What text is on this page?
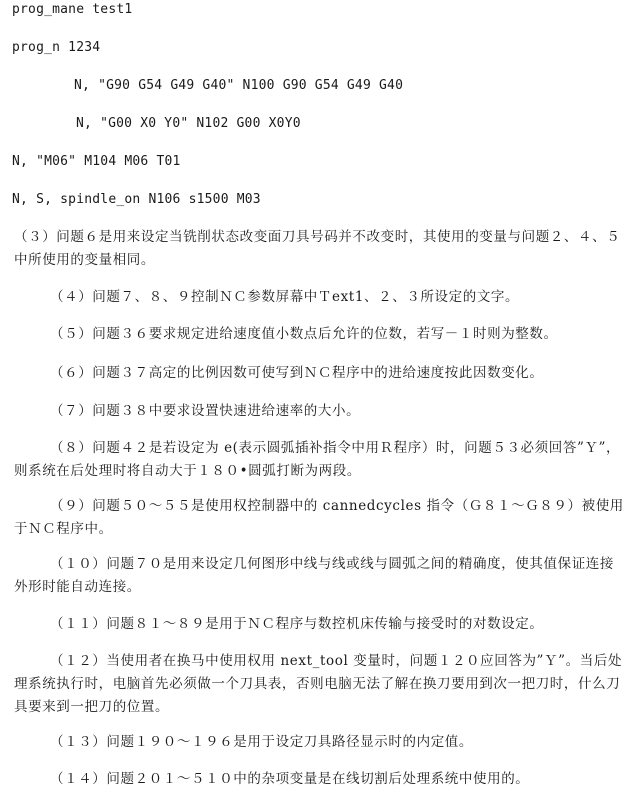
prog_mane test1
prog_n 1234
N, "G90 G54 G49 G40" N100 G90 G54 G49 G40
N, "G00 X0 Y0" N102 G00 X0Y0
N, "M06" M104 M06 T01
N, S, spindle_on N106 s1500 M03

（３）问题６是用来设定当铣削状态改变面刀具号码并不改变时，其使用的变量与问题２、４、５中所使用的变量相同。

（４）问题７、８、９控制ＮＣ参数屏幕中Ｔext1、２、３所设定的文字。

（５）问题３６要求规定进给速度值小数点后允许的位数，若写－１时则为整数。

（６）问题３７高定的比例因数可使写到ＮＣ程序中的进给速度按此因数变化。

（７）问题３８中要求设置快速进给速率的大小。

（８）问题４２是若设定为 e(表示圆弧插补指令中用Ｒ程序）时，问题５３必须回答”Ｙ”，则系统在后处理时将自动大于１８０•圆弧打断为两段。

（９）问题５０～５５是使用权控制器中的 cannedcycles 指令（Ｇ８１～Ｇ８９）被使用于ＮＣ程序中。

（１０）问题７０是用来设定几何图形中线与线或线与圆弧之间的精确度，使其值保证连接外形时能自动连接。

（１１）问题８１～８９是用于ＮＣ程序与数控机床传输与接受时的对数设定。

（１２）当使用者在换马中使用权用 next_tool 变量时，问题１２０应回答为”Ｙ”。当后处理系统执行时，电脑首先必须做一个刀具表，否则电脑无法了解在换刀要用到次一把刀时，什么刀具要来到一把刀的位置。

（１３）问题１９０～１９６是用于设定刀具路径显示时的内定值。

（１４）问题２０１～５１０中的杂项变量是在线切割后处理系统中使用的。
